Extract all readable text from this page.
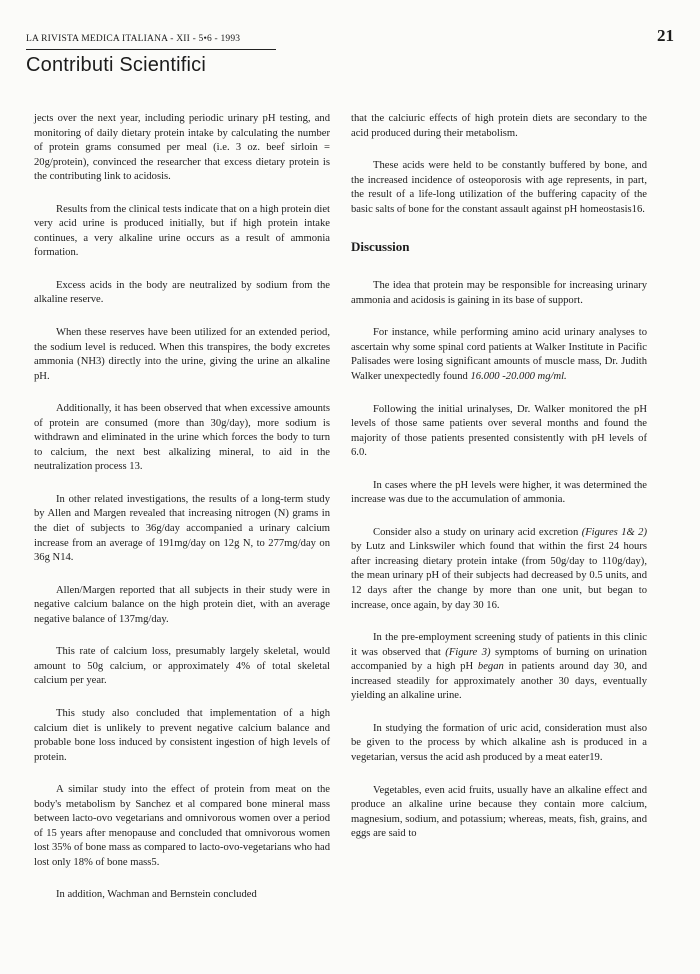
LA RIVISTA MEDICA ITALIANA - XII - 5•6 - 1993	21
Contributi Scientifici

jects over the next year, including periodic urinary pH testing, and monitoring of daily dietary protein intake by calculating the number of protein grams consumed per meal (i.e. 3 oz. beef sirloin = 20g/protein), convinced the researcher that excess dietary protein is the contributing link to acidosis.

Results from the clinical tests indicate that on a high protein diet very acid urine is produced initially, but if high protein intake continues, a very alkaline urine occurs as a result of ammonia formation.

Excess acids in the body are neutralized by sodium from the alkaline reserve.

When these reserves have been utilized for an extended period, the sodium level is reduced. When this transpires, the body excretes ammonia (NH3) directly into the urine, giving the urine an alkaline pH.

Additionally, it has been observed that when excessive amounts of protein are consumed (more than 30g/day), more sodium is withdrawn and eliminated in the urine which forces the body to turn to calcium, the next best alkalizing mineral, to aid in the neutralization process 13.

In other related investigations, the results of a long-term study by Allen and Margen revealed that increasing nitrogen (N) grams in the diet of subjects to 36g/day accompanied a urinary calcium increase from an average of 191mg/day on 12g N, to 277mg/day on 36g N14.

Allen/Margen reported that all subjects in their study were in negative calcium balance on the high protein diet, with an average negative balance of 137mg/day.

This rate of calcium loss, presumably largely skeletal, would amount to 50g calcium, or approximately 4% of total skeletal calcium per year.

This study also concluded that implementation of a high calcium diet is unlikely to prevent negative calcium balance and probable bone loss induced by consistent ingestion of high levels of protein.

A similar study into the effect of protein from meat on the body's metabolism by Sanchez et al compared bone mineral mass between lacto-ovo vegetarians and omnivorous women over a period of 15 years after menopause and concluded that omnivorous women lost 35% of bone mass as compared to lacto-ovo-vegetarians who had lost only 18% of bone mass5.

In addition, Wachman and Bernstein concluded

that the calciuric effects of high protein diets are secondary to the acid produced during their metabolism.

These acids were held to be constantly buffered by bone, and the increased incidence of osteoporosis with age represents, in part, the result of a life-long utilization of the buffering capacity of the basic salts of bone for the constant assault against pH homeostasis16.

Discussion

The idea that protein may be responsible for increasing urinary ammonia and acidosis is gaining in its base of support.

For instance, while performing amino acid urinary analyses to ascertain why some spinal cord patients at Walker Institute in Pacific Palisades were losing significant amounts of muscle mass, Dr. Judith Walker unexpectedly found 16.000 -20.000 mg/ml.

Following the initial urinalyses, Dr. Walker monitored the pH levels of those same patients over several months and found the majority of those patients presented consistently with pH levels of 6.0.

In cases where the pH levels were higher, it was determined the increase was due to the accumulation of ammonia.

Consider also a study on urinary acid excretion (Figures 1& 2) by Lutz and Linkswiler which found that within the first 24 hours after increasing dietary protein intake (from 50g/day to 110g/day), the mean urinary pH of their subjects had decreased by 0.5 units, and 12 days after the change by more than one unit, but began to increase, once again, by day 30 16.

In the pre-employment screening study of patients in this clinic it was observed that (Figure 3) symptoms of burning on urination accompanied by a high pH began in patients around day 30, and increased steadily for approximately another 30 days, eventually yielding an alkaline urine.

In studying the formation of uric acid, consideration must also be given to the process by which alkaline ash is produced in a vegetarian, versus the acid ash produced by a meat eater19.

Vegetables, even acid fruits, usually have an alkaline effect and produce an alkaline urine because they contain more calcium, magnesium, sodium, and potassium; whereas, meats, fish, grains, and eggs are said to
